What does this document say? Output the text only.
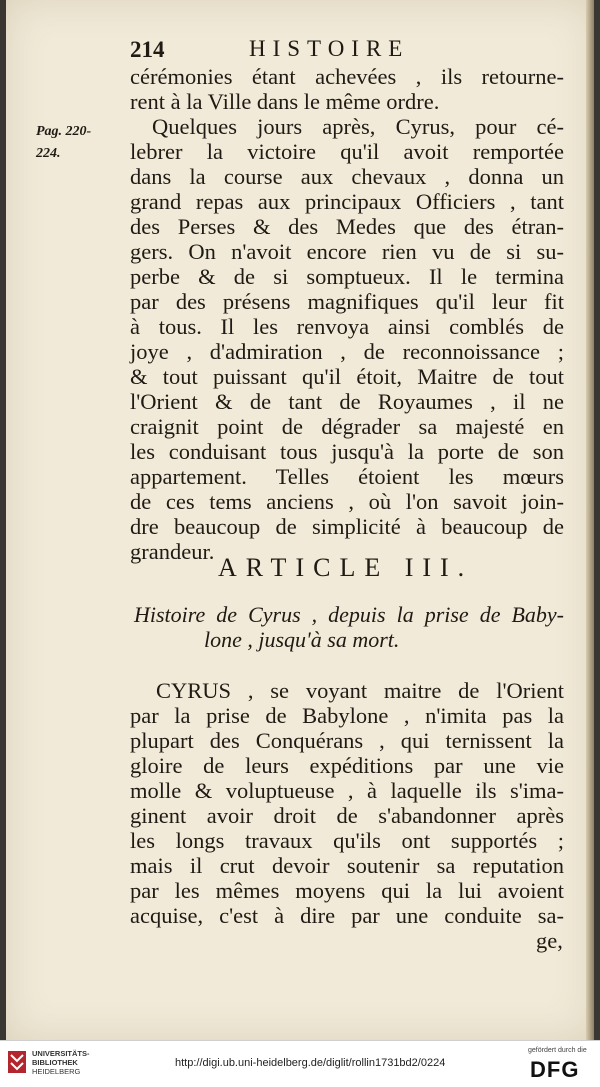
214	HISTOIRE
Pag. 220-
224.
cérémonies étant achevées , ils retourne-
rent à la Ville dans le même ordre.
Quelques jours après, Cyrus, pour cé-
lebrer la victoire qu'il avoit remportée
dans la course aux chevaux , donna un
grand repas aux principaux Officiers , tant
des Perses & des Medes que des étran-
gers. On n'avoit encore rien vu de si su-
perbe & de si somptueux. Il le termina
par des présens magnifiques qu'il leur fit
à tous. Il les renvoya ainsi comblés de
joye , d'admiration , de reconnoissance ;
& tout puissant qu'il étoit, Maitre de tout
l'Orient & de tant de Royaumes , il ne
craignit point de dégrader sa majesté en
les conduisant tous jusqu'à la porte de son
appartement. Telles étoient les mœurs
de ces tems anciens , où l'on savoit join-
dre beaucoup de simplicité à beaucoup de
grandeur.
ARTICLE III.
Histoire de Cyrus , depuis la prise de Baby-
lone , jusqu'à sa mort.
CYRUS , se voyant maitre de l'Orient
par la prise de Babylone , n'imita pas la
plupart des Conquérans , qui ternissent la
gloire de leurs expéditions par une vie
molle & voluptueuse , à laquelle ils s'ima-
ginent avoir droit de s'abandonner après
les longs travaux qu'ils ont supportés ;
mais il crut devoir soutenir sa reputation
par les mêmes moyens qui la lui avoient
acquise, c'est à dire par une conduite sa-
ge,
UNIVERSITÄTS-
BIBLIOTHEK
HEIDELBERG
http://digi.ub.uni-heidelberg.de/diglit/rollin1731bd2/0224
gefördert durch die
DFG
